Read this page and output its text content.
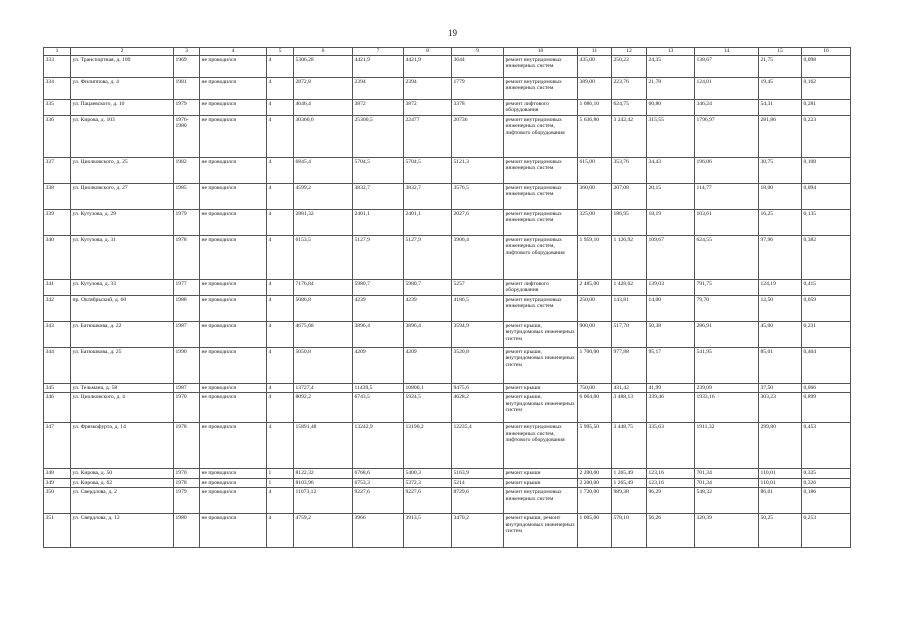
19
1	2	3	4	5	6	7	8	9	10	11	12	13	14	15	16
333	ул. Транспортная, д. 109	1969	не проводился	4	5306,28	4421,9	4421,9	3644	ремонт внутридомовых инженерных систем	435,00	250,22	24,35	138,67	21,75	0,098
334	ул. Филиппова, д. 4	1981	не проводился	4	2872,8	2394	2394	1779	ремонт внутридомовых инженерных систем	389,00	223,76	21,78	124,01	19,45	0,162
335	ул. Пацаевского, д. 10	1979	не проводился	4	4646,4	3872	3872	3378	ремонт лифтового оборудования	1 086,10	624,75	60,80	346,24	54,31	0,281
336	ул. Кирова, д. 103	1976-1980	не проводился	4	30360,6	25300,5	22477	20736	ремонт внутридомовых инженерных систем, лифтового оборудования	5 636,80	3 242,42	315,55	1796,97	281,86	0,223
337	ул. Циолковского, д. 25	1982	не проводился	4	6845,4	5704,5	5704,5	5121,3	ремонт внутридомовых инженерных систем	615,00	353,76	34,43	196,06	30,75	0,108
338	ул. Циолковского, д. 27	1985	не проводился	4	4599,2	3832,7	3832,7	3576,5	ремонт внутридомовых инженерных систем	360,00	207,08	20,15	114,77	18,00	0,094
339	ул. Кутузова, д. 29	1979	не проводился	4	2881,32	2401,1	2401,1	2027,6	ремонт внутридомовых инженерных систем	325,00	186,95	18,19	103,61	16,25	0,135
340	ул. Кутузова, д. 31	1978	не проводился	4	6153,5	5127,9	5127,9	3906,4	ремонт внутридомовых инженерных систем, лифтового оборудования	1 959,10	1 126,92	109,67	624,55	97,96	0,382
341	ул. Кутузова, д. 33	1977	не проводился	4	7176,84	5980,7	5980,7	5257	ремонт лифтового оборудования	2 485,00	1 428,62	139,03	791,75	124,19	0,415
342	пр. Октябрьский, д. 60	1988	не проводился	4	5086,8	4239	4239	4186,5	ремонт внутридомовых инженерных систем	250,00	143,81	14,00	79,70	12,50	0,059
343	ул. Батюшкова, д. 22	1987	не проводился	4	4675,68	3896,4	3896,4	3594,9	ремонт крыши, внутридомовых инженерных систем	900,00	517,70	50,38	286,91	45,00	0,231
344	ул. Батюшкова, д. 25	1990	не проводился	4	5050,8	4209	4209	3520,8	ремонт крыши, внутридомовых инженерных систем	1 700,00	977,88	95,17	541,95	85,01	0,404
345	ул. Тельмана, д. 58	1987	не проводился	4	13727,4	11439,5	10800,1	9475,6	ремонт крыши	750,00	431,42	41,99	239,09	37,50	0,066
346	ул. Циолковского, д. 4	1970	не проводился	4	8092,2	6743,5	5924,5	4628,2	ремонт крыши, внутридомовых инженерных систем	6 064,00	3 488,13	339,46	1933,16	303,23	0,899
347	ул. Фрязкофурта, д. 14	1978	не проводился	4	15891,48	13242,9	13190,2	12235,4	ремонт внутридомовых инженерных систем, лифтового оборудования	5 995,50	3 448,75	335,63	1911,32	299,80	0,453
348	ул. Кирова, д. 50	1970	не проводился	1	8122,32	6768,6	5400,3	5163,9	ремонт крыши	2 200,00	1 265,49	123,16	701,34	110,01	0,325
349	ул. Кирова, д. 62	1978	не проводился	1	8103,96	6753,3	5372,3	5214	ремонт крыши	2 200,00	1 265,49	123,16	701,34	110,01	0,326
350	ул. Свердлова, д. 2	1979	не проводился	4	11073,12	9227,6	9227,6	8729,6	ремонт внутридомовых инженерных систем	1 720,00	989,38	96,29	548,32	86,01	0,186
351	ул. Свердлова, д. 12	1980	не проводился	4	4759,2	3966	3913,5	3470,2	ремонт крыши, ремонт внутридомовых инженерных систем	1 005,00	578,10	56,26	320,39	50,25	0,253
